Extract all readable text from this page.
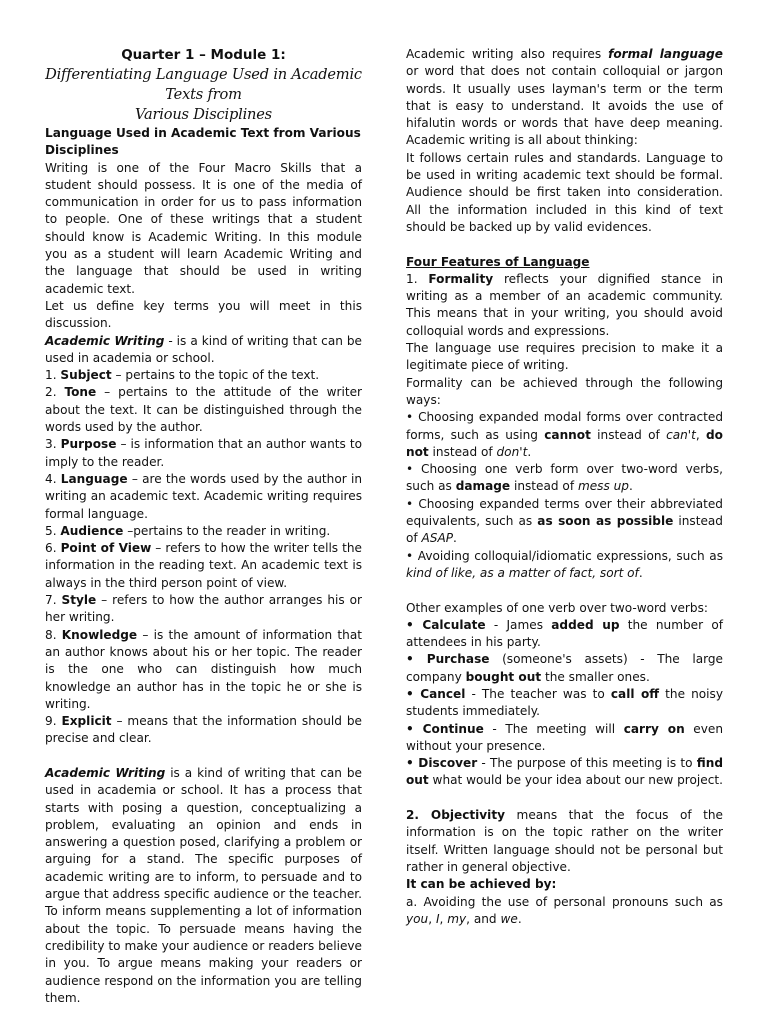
Quarter 1 – Module 1:

Differentiating Language Used in Academic Texts from
Various Disciplines

Language Used in Academic Text from Various Disciplines

Writing is one of the Four Macro Skills that a student should possess. It is one of the media of communication in order for us to pass information to people. One of these writings that a student should know is Academic Writing. In this module you as a student will learn Academic Writing and the language that should be used in writing academic text.

Let us define key terms you will meet in this discussion.

Academic Writing - is a kind of writing that can be used in academia or school.

1. Subject – pertains to the topic of the text.

2. Tone – pertains to the attitude of the writer about the text. It can be distinguished through the words used by the author.

3. Purpose – is information that an author wants to imply to the reader.

4. Language – are the words used by the author in writing an academic text. Academic writing requires formal language.

5. Audience –pertains to the reader in writing.

6. Point of View – refers to how the writer tells the information in the reading text. An academic text is always in the third person point of view.

7. Style – refers to how the author arranges his or her writing.

8. Knowledge – is the amount of information that an author knows about his or her topic. The reader is the one who can distinguish how much knowledge an author has in the topic he or she is writing.

9. Explicit – means that the information should be precise and clear.

Academic Writing is a kind of writing that can be used in academia or school. It has a process that starts with posing a question, conceptualizing a problem, evaluating an opinion and ends in answering a question posed, clarifying a problem or arguing for a stand. The specific purposes of academic writing are to inform, to persuade and to argue that address specific audience or the teacher. To inform means supplementing a lot of information about the topic. To persuade means having the credibility to make your audience or readers believe in you. To argue means making your readers or audience respond on the information you are telling them.

Academic writing also requires formal language or word that does not contain colloquial or jargon words. It usually uses layman's term or the term that is easy to understand. It avoids the use of hifalutin words or words that have deep meaning. Academic writing is all about thinking:

It follows certain rules and standards. Language to be used in writing academic text should be formal. Audience should be first taken into consideration. All the information included in this kind of text should be backed up by valid evidences.

Four Features of Language

1. Formality reflects your dignified stance in writing as a member of an academic community. This means that in your writing, you should avoid colloquial words and expressions.

The language use requires precision to make it a legitimate piece of writing.

Formality can be achieved through the following ways:

• Choosing expanded modal forms over contracted forms, such as using cannot instead of can't, do not instead of don't.

• Choosing one verb form over two-word verbs, such as damage instead of mess up.

• Choosing expanded terms over their abbreviated equivalents, such as as soon as possible instead of ASAP.

• Avoiding colloquial/idiomatic expressions, such as kind of like, as a matter of fact, sort of.

Other examples of one verb over two-word verbs:

• Calculate - James added up the number of attendees in his party.

• Purchase (someone's assets) - The large company bought out the smaller ones.

• Cancel - The teacher was to call off the noisy students immediately.

• Continue - The meeting will carry on even without your presence.

• Discover - The purpose of this meeting is to find out what would be your idea about our new project.

2. Objectivity means that the focus of the information is on the topic rather on the writer itself. Written language should not be personal but rather in general objective.

It can be achieved by:

a. Avoiding the use of personal pronouns such as you, I, my, and we.
